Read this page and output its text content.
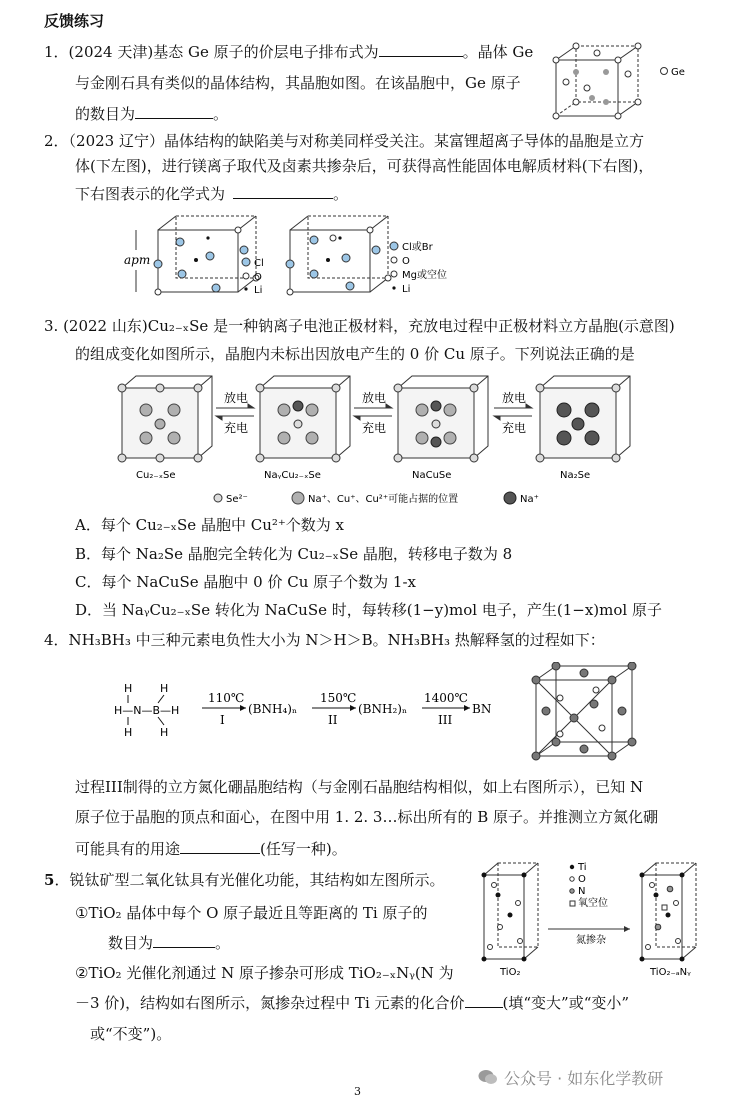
反馈练习
1．(2024 天津)基态 Ge 原子的价层电子排布式为	。晶体 Ge
与金刚石具有类似的晶体结构，其晶胞如图。在该晶胞中，Ge 原子
的数目为	。
Ge
2．（2023 辽宁）晶体结构的缺陷美与对称美同样受关注。某富锂超离子导体的晶胞是立方
体(下左图)，进行镁离子取代及卤素共掺杂后，可获得高性能固体电解质材料(下右图)，
下右图表示的化学式为	。
apm	Cl
O
Li
Cl或Br
O
Mg或空位
Li
3. (2022 山东)Cu₂₋ₓSe 是一种钠离子电池正极材料，充放电过程中正极材料立方晶胞(示意图)
的组成变化如图所示，晶胞内未标出因放电产生的 0 价 Cu 原子。下列说法正确的是
放电
充电
放电
充电
放电
充电
Cu₂₋ₓSe	NaᵧCu₂₋ₓSe	NaCuSe	Na₂Se
Se²⁻	Na⁺、Cu⁺、Cu²⁺可能占据的位置	Na⁺
A．每个 Cu₂₋ₓSe 晶胞中 Cu²⁺个数为 x
B．每个 Na₂Se 晶胞完全转化为 Cu₂₋ₓSe 晶胞，转移电子数为 8
C．每个 NaCuSe 晶胞中 0 价 Cu 原子个数为 1-x
D．当 NaᵧCu₂₋ₓSe 转化为 NaCuSe 时，每转移(1−y)mol 电子，产生(1−x)mol 原子
4．NH₃BH₃ 中三种元素电负性大小为 N＞H＞B。NH₃BH₃ 热解释氢的过程如下：
H
H—N—B—H
H
H
H
110℃
I
(BNH₄)ₙ
150℃
II
(BNH₂)ₙ
1400℃
III
BN
过程III制得的立方氮化硼晶胞结构（与金刚石晶胞结构相似，如上右图所示），已知 N
原子位于晶胞的顶点和面心，在图中用 1. 2. 3…标出所有的 B 原子。并推测立方氮化硼
可能具有的用途	(任写一种)。
5．锐钛矿型二氧化钛具有光催化功能，其结构如左图所示。
①TiO₂ 晶体中每个 O 原子最近且等距离的 Ti 原子的
数目为	。
②TiO₂ 光催化剂通过 N 原子掺杂可形成 TiO₂₋ₓNᵧ(N 为
－3 价)，结构如右图所示，氮掺杂过程中 Ti 元素的化合价	(填“变大”或“变小”
或“不变”)。
Ti
O
N
氧空位
氮掺杂
TiO₂	TiO₂₋ₐNᵧ
公众号 · 如东化学教研
3
